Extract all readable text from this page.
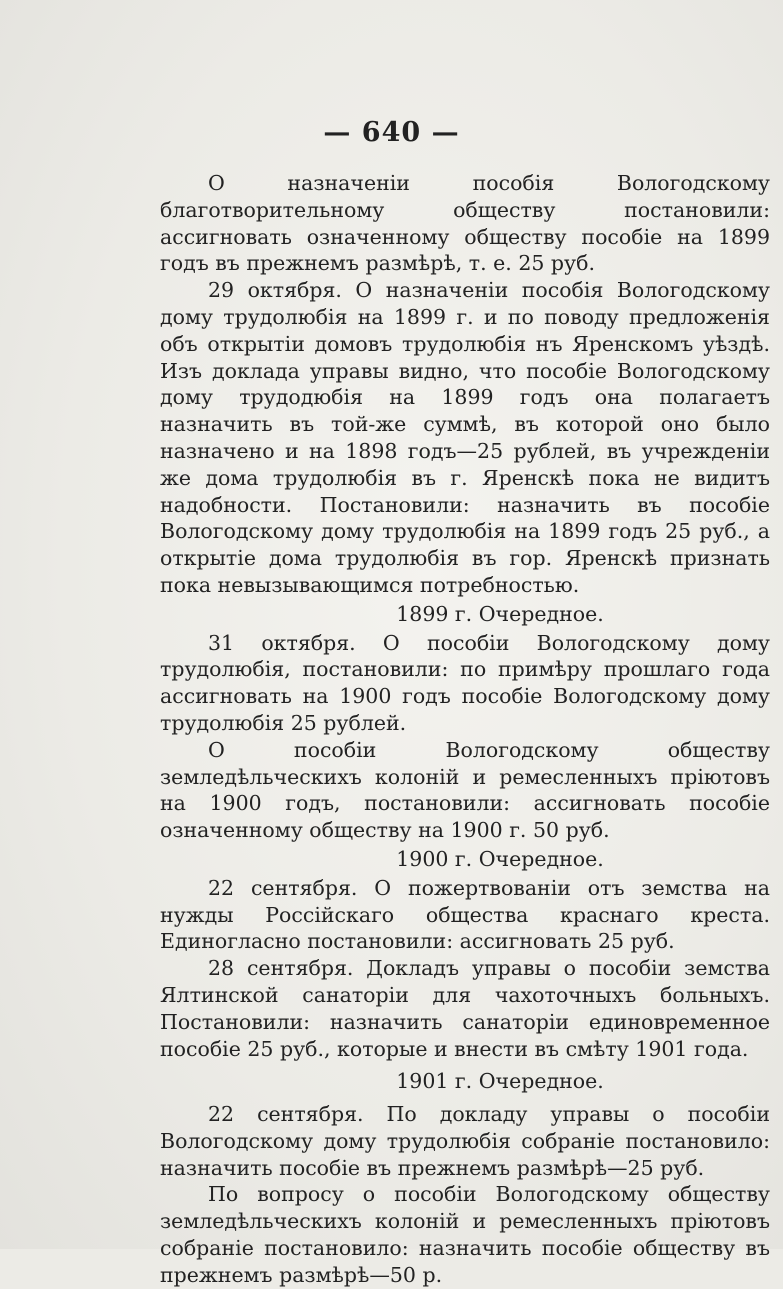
— 640 —

О назначенiи пособiя Вологодскому благотворительному обществу постановили: ассигновать означенному обществу пособiе на 1899 годъ въ прежнемъ размѣрѣ, т. е. 25 руб.

29 октября. О назначенiи пособiя Вологодскому дому трудолюбiя на 1899 г. и по поводу предложенiя объ открытiи домовъ трудолюбiя нъ Яренскомъ уѣздѣ. Изъ доклада управы видно, что пособiе Вологодскому дому трудодюбiя на 1899 годъ она полагаетъ назначить въ той-же суммѣ, въ которой оно было назначено и на 1898 годъ—25 рублей, въ учрежденiи же дома трудолюбiя въ г. Яренскѣ пока не видитъ надобности. Постановили: назначить въ пособiе Вологодскому дому трудолюбiя на 1899 годъ 25 руб., а открытiе дома трудолюбiя въ гор. Яренскѣ признать пока невызывающимся потребностью.

1899 г. Очередное.

31 октября. О пособiи Вологодскому дому трудолюбiя, постановили: по примѣру прошлаго года ассигновать на 1900 годъ пособiе Вологодскому дому трудолюбiя 25 рублей.

О пособiи Вологодскому обществу земледѣльческихъ колонiй и ремесленныхъ прiютовъ на 1900 годъ, постановили: ассигновать пособiе означенному обществу на 1900 г. 50 руб.

1900 г. Очередное.

22 сентября. О пожертвованiи отъ земства на нужды Россiйскаго общества краснаго креста. Единогласно постановили: ассигновать 25 руб.

28 сентября. Докладъ управы о пособiи земства Ялтинской санаторiи для чахоточныхъ больныхъ. Постановили: назначить санаторiи единовременное пособiе 25 руб., которые и внести въ смѣту 1901 года.

1901 г. Очередное.

22 сентября. По докладу управы о пособiи Вологодскому дому трудолюбiя собранiе постановило: назначить пособiе въ прежнемъ размѣрѣ—25 руб.

По вопросу о пособiи Вологодскому обществу земледѣльческихъ колонiй и ремесленныхъ прiютовъ собранiе постановило: назначить пособiе обществу въ прежнемъ размѣрѣ—50 р.
